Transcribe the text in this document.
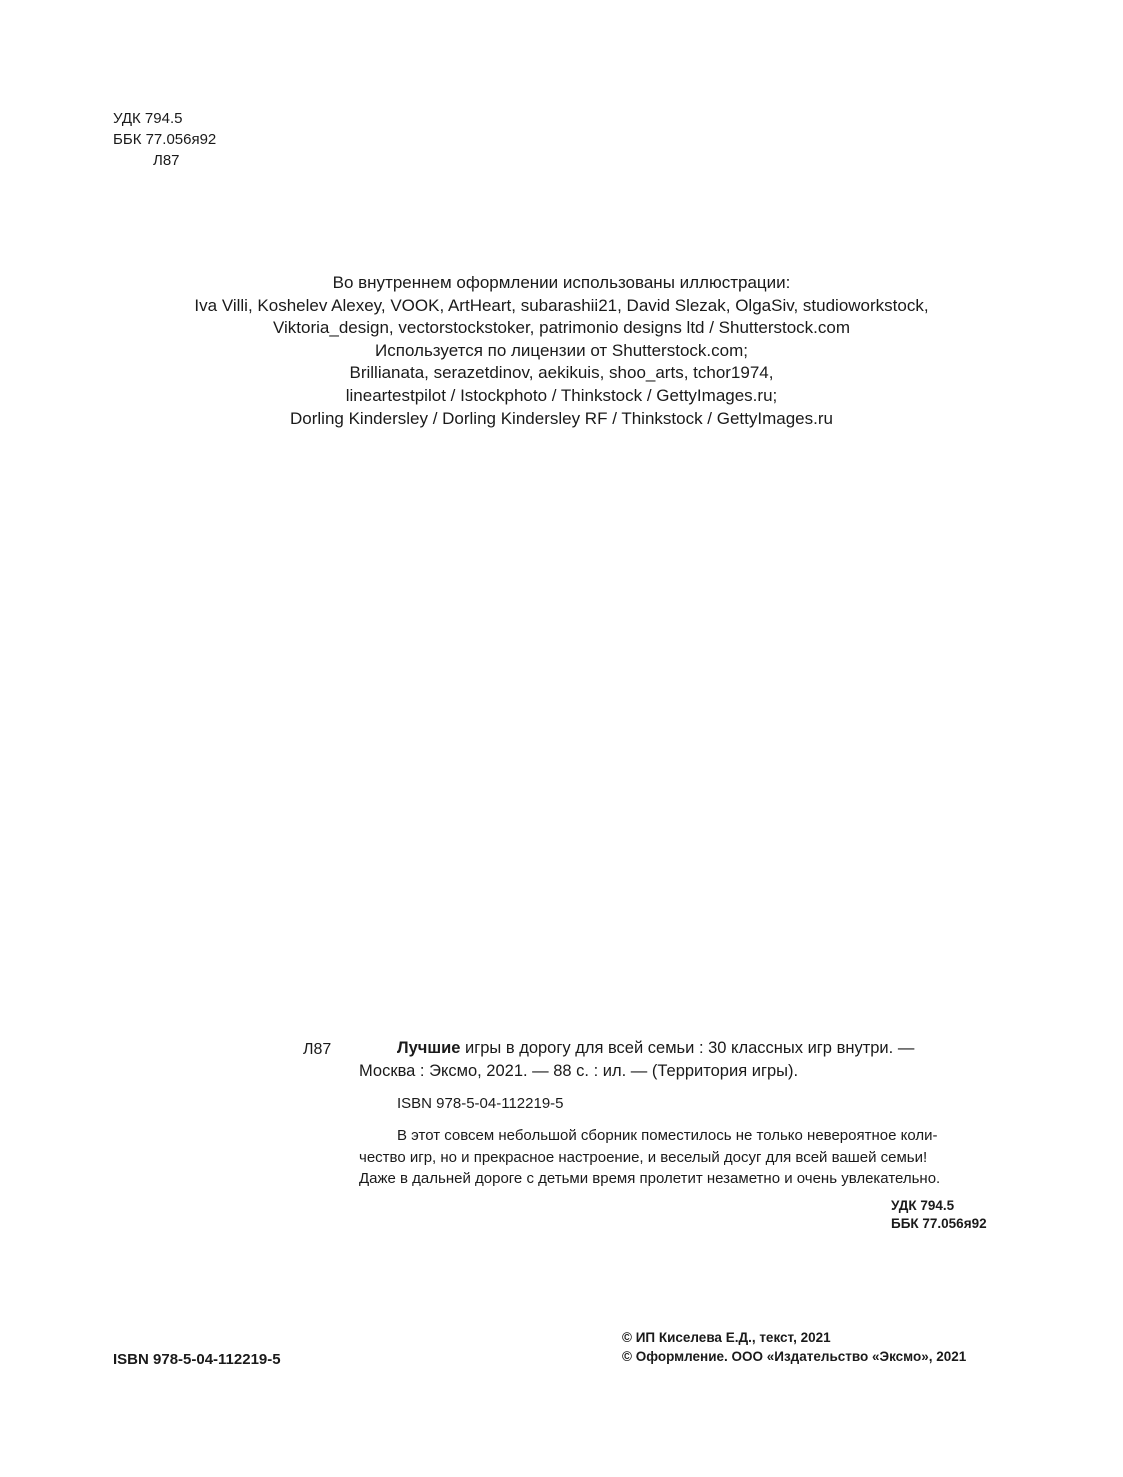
УДК 794.5
ББК 77.056я92
Л87
Во внутреннем оформлении использованы иллюстрации:
Iva Villi, Koshelev Alexey, VOOK, ArtHeart, subarashii21, David Slezak, OlgaSiv, studioworkstock,
Viktoria_design, vectorstockstoker, patrimonio designs ltd / Shutterstock.com
Используется по лицензии от Shutterstock.com;
Brillianata, serazetdinov, aekikuis, shoo_arts, tchor1974,
lineartestpilot / Istockphoto / Thinkstock / GettyImages.ru;
Dorling Kindersley / Dorling Kindersley RF / Thinkstock / GettyImages.ru
Л87	Лучшие игры в дорогу для всей семьи : 30 классных игр внутри. —
Москва : Эксмо, 2021. — 88 с. : ил. — (Территория игры).
ISBN 978-5-04-112219-5
В этот совсем небольшой сборник поместилось не только невероятное коли-
чество игр, но и прекрасное настроение, и веселый досуг для всей вашей семьи!
Даже в дальней дороге с детьми время пролетит незаметно и очень увлекательно.
УДК 794.5
ББК 77.056я92
ISBN 978-5-04-112219-5
© ИП Киселева Е.Д., текст, 2021
© Оформление. ООО «Издательство «Эксмо», 2021
